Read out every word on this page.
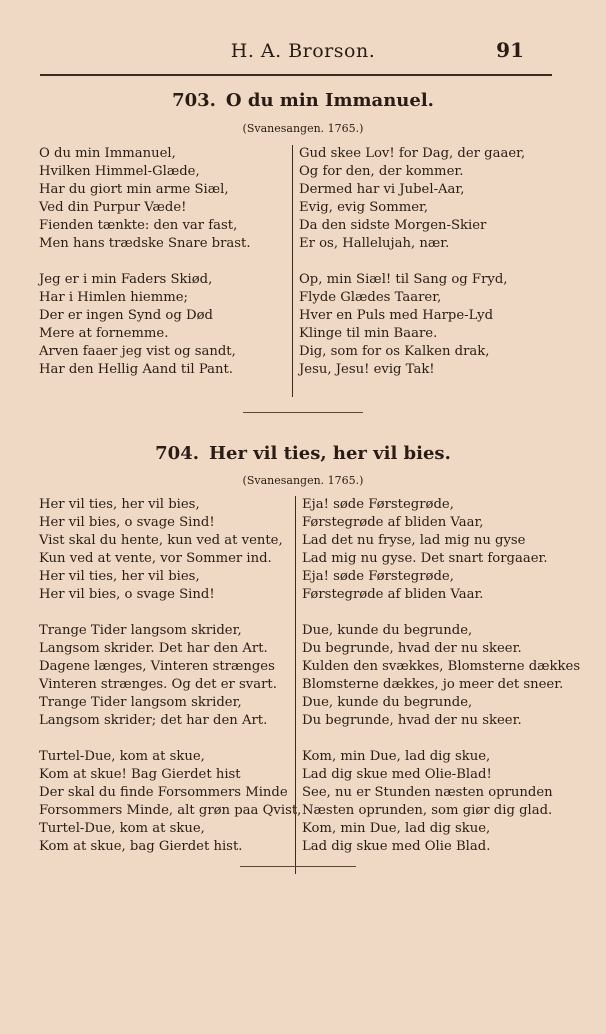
H. A. Brorson.	91
703. O du min Immanuel.
(Svanesangen. 1765.)
O du min Immanuel,
Hvilken Himmel-Glæde,
Har du giort min arme Siæl,
Ved din Purpur Væde!
Fienden tænkte: den var fast,
Men hans trædske Snare brast.
Jeg er i min Faders Skiød,
Har i Himlen hiemme;
Der er ingen Synd og Død
Mere at fornemme.
Arven faaer jeg vist og sandt,
Har den Hellig Aand til Pant.
Gud skee Lov! for Dag, der gaaer,
Og for den, der kommer.
Dermed har vi Jubel-Aar,
Evig, evig Sommer,
Da den sidste Morgen-Skier
Er os, Hallelujah, nær.
Op, min Siæl! til Sang og Fryd,
Flyde Glædes Taarer,
Hver en Puls med Harpe-Lyd
Klinge til min Baare.
Dig, som for os Kalken drak,
Jesu, Jesu! evig Tak!
704. Her vil ties, her vil bies.
(Svanesangen. 1765.)
Her vil ties, her vil bies,
Her vil bies, o svage Sind!
Vist skal du hente, kun ved at vente,
Kun ved at vente, vor Sommer ind.
Her vil ties, her vil bies,
Her vil bies, o svage Sind!
Trange Tider langsom skrider,
Langsom skrider. Det har den Art.
Dagene længes, Vinteren strænges
Vinteren strænges. Og det er svart.
Trange Tider langsom skrider,
Langsom skrider; det har den Art.
Turtel-Due, kom at skue,
Kom at skue! Bag Gierdet hist
Der skal du finde Forsommers Minde
Forsommers Minde, alt grøn paa Qvist,
Turtel-Due, kom at skue,
Kom at skue, bag Gierdet hist.
Eja! søde Førstegrøde,
Førstegrøde af bliden Vaar,
Lad det nu fryse, lad mig nu gyse
Lad mig nu gyse. Det snart forgaaer.
Eja! søde Førstegrøde,
Førstegrøde af bliden Vaar.
Due, kunde du begrunde,
Du begrunde, hvad der nu skeer.
Kulden den svækkes, Blomsterne dækkes
Blomsterne dækkes, jo meer det sneer.
Due, kunde du begrunde,
Du begrunde, hvad der nu skeer.
Kom, min Due, lad dig skue,
Lad dig skue med Olie-Blad!
See, nu er Stunden næsten oprunden
Næsten oprunden, som giør dig glad.
Kom, min Due, lad dig skue,
Lad dig skue med Olie Blad.
